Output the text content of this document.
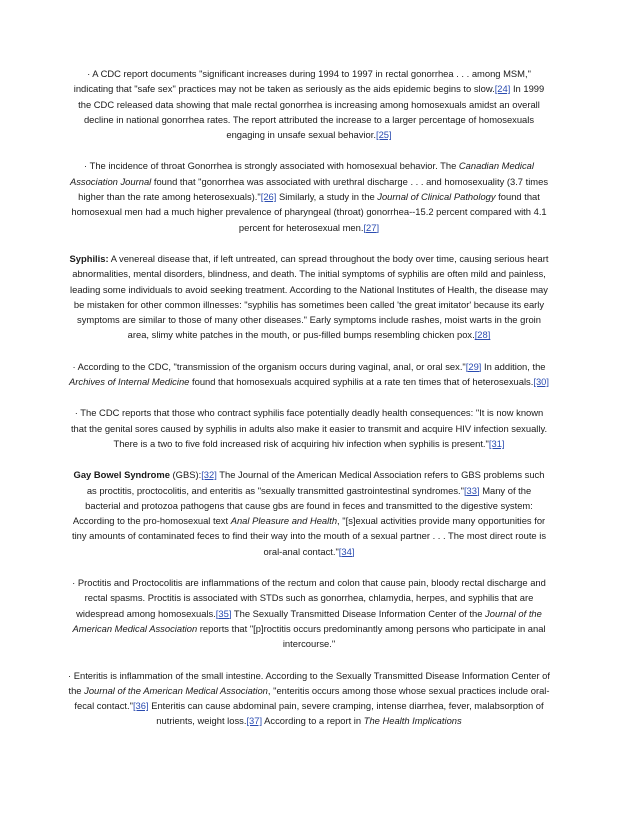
· A CDC report documents "significant increases during 1994 to 1997 in rectal gonorrhea . . . among MSM," indicating that "safe sex" practices may not be taken as seriously as the aids epidemic begins to slow.[24] In 1999 the CDC released data showing that male rectal gonorrhea is increasing among homosexuals amidst an overall decline in national gonorrhea rates. The report attributed the increase to a larger percentage of homosexuals engaging in unsafe sexual behavior.[25]

· The incidence of throat Gonorrhea is strongly associated with homosexual behavior. The Canadian Medical Association Journal found that "gonorrhea was associated with urethral discharge . . . and homosexuality (3.7 times higher than the rate among heterosexuals)."[26] Similarly, a study in the Journal of Clinical Pathology found that homosexual men had a much higher prevalence of pharyngeal (throat) gonorrhea--15.2 percent compared with 4.1 percent for heterosexual men.[27]

Syphilis: A venereal disease that, if left untreated, can spread throughout the body over time, causing serious heart abnormalities, mental disorders, blindness, and death. The initial symptoms of syphilis are often mild and painless, leading some individuals to avoid seeking treatment. According to the National Institutes of Health, the disease may be mistaken for other common illnesses: "syphilis has sometimes been called 'the great imitator' because its early symptoms are similar to those of many other diseases." Early symptoms include rashes, moist warts in the groin area, slimy white patches in the mouth, or pus-filled bumps resembling chicken pox.[28]

· According to the CDC, "transmission of the organism occurs during vaginal, anal, or oral sex."[29] In addition, the Archives of Internal Medicine found that homosexuals acquired syphilis at a rate ten times that of heterosexuals.[30]

· The CDC reports that those who contract syphilis face potentially deadly health consequences: "It is now known that the genital sores caused by syphilis in adults also make it easier to transmit and acquire HIV infection sexually. There is a two to five fold increased risk of acquiring hiv infection when syphilis is present."[31]

Gay Bowel Syndrome (GBS):[32] The Journal of the American Medical Association refers to GBS problems such as proctitis, proctocolitis, and enteritis as "sexually transmitted gastrointestinal syndromes."[33] Many of the bacterial and protozoa pathogens that cause gbs are found in feces and transmitted to the digestive system: According to the pro-homosexual text Anal Pleasure and Health, "[s]exual activities provide many opportunities for tiny amounts of contaminated feces to find their way into the mouth of a sexual partner . . . The most direct route is oral-anal contact."[34]

· Proctitis and Proctocolitis are inflammations of the rectum and colon that cause pain, bloody rectal discharge and rectal spasms. Proctitis is associated with STDs such as gonorrhea, chlamydia, herpes, and syphilis that are widespread among homosexuals.[35] The Sexually Transmitted Disease Information Center of the Journal of the American Medical Association reports that "[p]roctitis occurs predominantly among persons who participate in anal intercourse."

· Enteritis is inflammation of the small intestine. According to the Sexually Transmitted Disease Information Center of the Journal of the American Medical Association, "enteritis occurs among those whose sexual practices include oral-fecal contact."[36] Enteritis can cause abdominal pain, severe cramping, intense diarrhea, fever, malabsorption of nutrients, weight loss.[37] According to a report in The Health Implications
